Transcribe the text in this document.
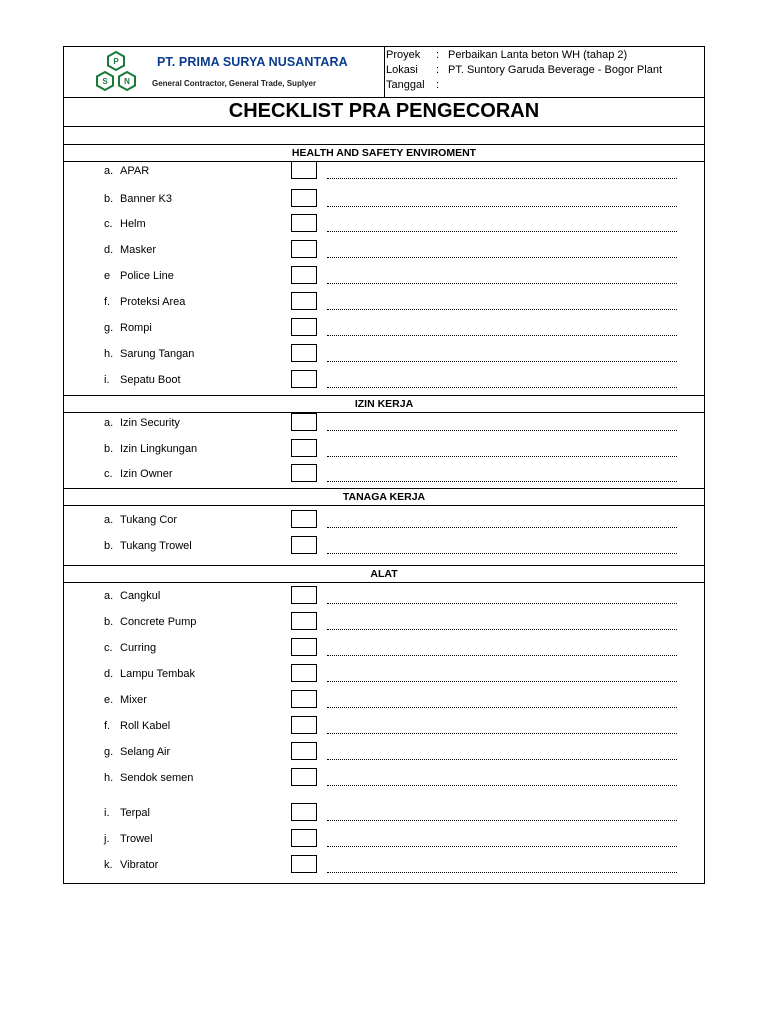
P
S N
PT. PRIMA SURYA NUSANTARA
General Contractor, General Trade, Suplyer
Proyek : Perbaikan Lanta beton WH (tahap 2)
Lokasi : PT. Suntory Garuda Beverage - Bogor Plant
Tanggal :
CHECKLIST PRA PENGECORAN
HEALTH AND SAFETY ENVIROMENT
a. APAR
b. Banner K3
c. Helm
d. Masker
e Police Line
f. Proteksi Area
g. Rompi
h. Sarung Tangan
i. Sepatu Boot
IZIN KERJA
a. Izin Security
b. Izin Lingkungan
c. Izin Owner
TANAGA KERJA
a. Tukang Cor
b. Tukang Trowel
ALAT
a. Cangkul
b. Concrete Pump
c. Curring
d. Lampu Tembak
e. Mixer
f. Roll Kabel
g. Selang Air
h. Sendok semen
i. Terpal
j. Trowel
k. Vibrator
